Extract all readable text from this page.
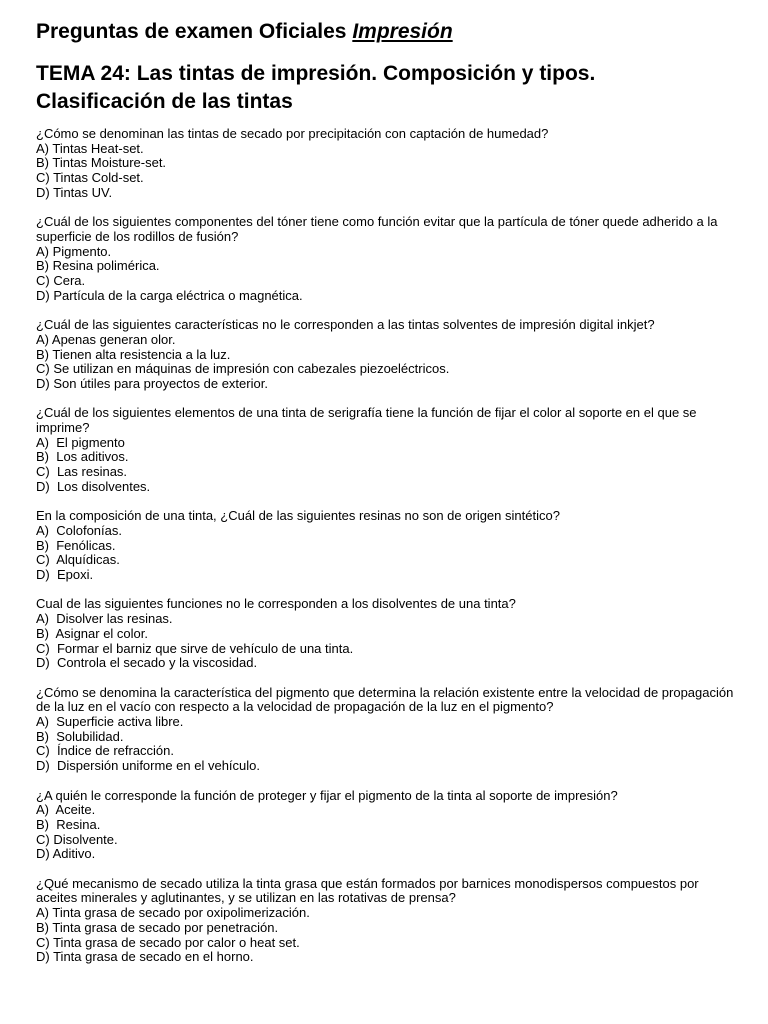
Preguntas de examen Oficiales Impresión
TEMA 24: Las tintas de impresión. Composición y tipos.
Clasificación de las tintas
¿Cómo se denominan las tintas de secado por precipitación con captación de humedad?
A) Tintas Heat-set.
B) Tintas Moisture-set.
C) Tintas Cold-set.
D) Tintas UV.
¿Cuál de los siguientes componentes del tóner tiene como función evitar que la partícula de tóner quede adherido a la superficie de los rodillos de fusión?
A) Pigmento.
B) Resina polimérica.
C) Cera.
D) Partícula de la carga eléctrica o magnética.
¿Cuál de las siguientes características no le corresponden a las tintas solventes de impresión digital inkjet?
A) Apenas generan olor.
B) Tienen alta resistencia a la luz.
C) Se utilizan en máquinas de impresión con cabezales piezoeléctricos.
D) Son útiles para proyectos de exterior.
¿Cuál de los siguientes elementos de una tinta de serigrafía tiene la función de fijar el color al soporte en el que se imprime?
A)  El pigmento
B)  Los aditivos.
C)  Las resinas.
D)  Los disolventes.
En la composición de una tinta, ¿Cuál de las siguientes resinas no son de origen sintético?
A)  Colofonías.
B)  Fenólicas.
C)  Alquídicas.
D)  Epoxi.
Cual de las siguientes funciones no le corresponden a los disolventes de una tinta?
A)  Disolver las resinas.
B)  Asignar el color.
C)  Formar el barniz que sirve de vehículo de una tinta.
D)  Controla el secado y la viscosidad.
¿Cómo se denomina la característica del pigmento que determina la relación existente entre la velocidad de propagación de la luz en el vacío con respecto a la velocidad de propagación de la luz en el pigmento?
A)  Superficie activa libre.
B)  Solubilidad.
C)  Índice de refracción.
D)  Dispersión uniforme en el vehículo.
¿A quién le corresponde la función de proteger y fijar el pigmento de la tinta al soporte de impresión?
A)  Aceite.
B)  Resina.
C) Disolvente.
D) Aditivo.
¿Qué mecanismo de secado utiliza la tinta grasa que están formados por barnices monodispersos compuestos por aceites minerales y aglutinantes, y se utilizan en las rotativas de prensa?
A) Tinta grasa de secado por oxipolimerización.
B) Tinta grasa de secado por penetración.
C) Tinta grasa de secado por calor o heat set.
D) Tinta grasa de secado en el horno.
